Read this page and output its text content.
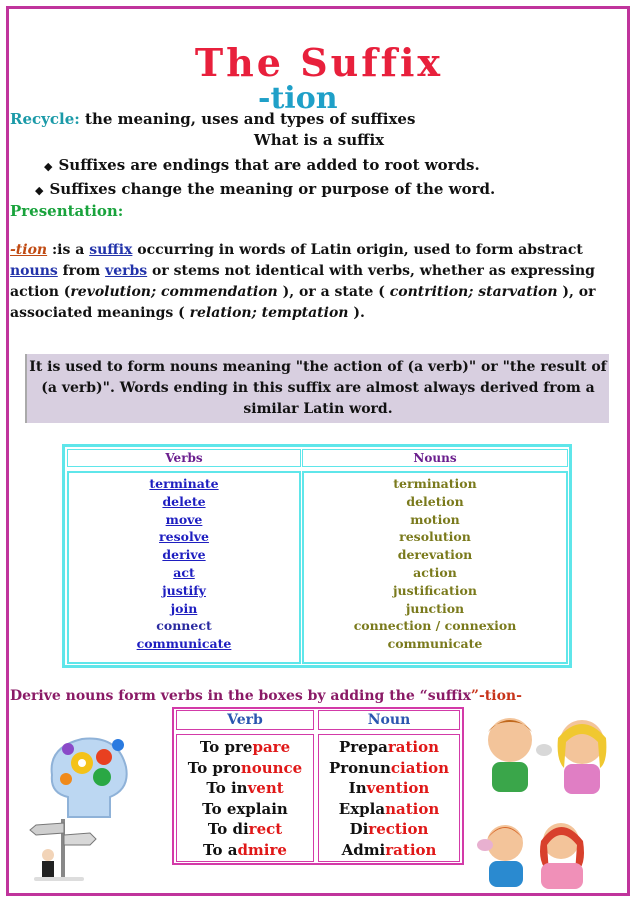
The Suffix
-tion
Recycle: the meaning, uses and types of suffixes
What is a suffix
◆ Suffixes are endings that are added to root words.
◆ Suffixes change the meaning or purpose of the word.
Presentation:
-tion :is a suffix occurring in words of Latin origin, used to form abstract nouns from verbs or stems not identical with verbs, whether as expressing action (revolution; commendation ), or a state ( contrition; starvation ), or associated meanings ( relation; temptation ).
It is used to form nouns meaning "the action of (a verb)" or "the result of (a verb)". Words ending in this suffix are almost always derived from a similar Latin word.
Verbs	Nouns
terminate
delete
move
resolve
derive
act
justify
join
connect
communicate
termination
deletion
motion
resolution
derevation
action
justification
junction
connection / connexion
communicate
Derive nouns form verbs in the boxes by adding the “suffix”-tion-
Verb	Noun
To prepare
To pronounce
To invent
To explain
To direct
To admire
Preparation
Pronunciation
Invention
Explanation
Direction
Admiration
